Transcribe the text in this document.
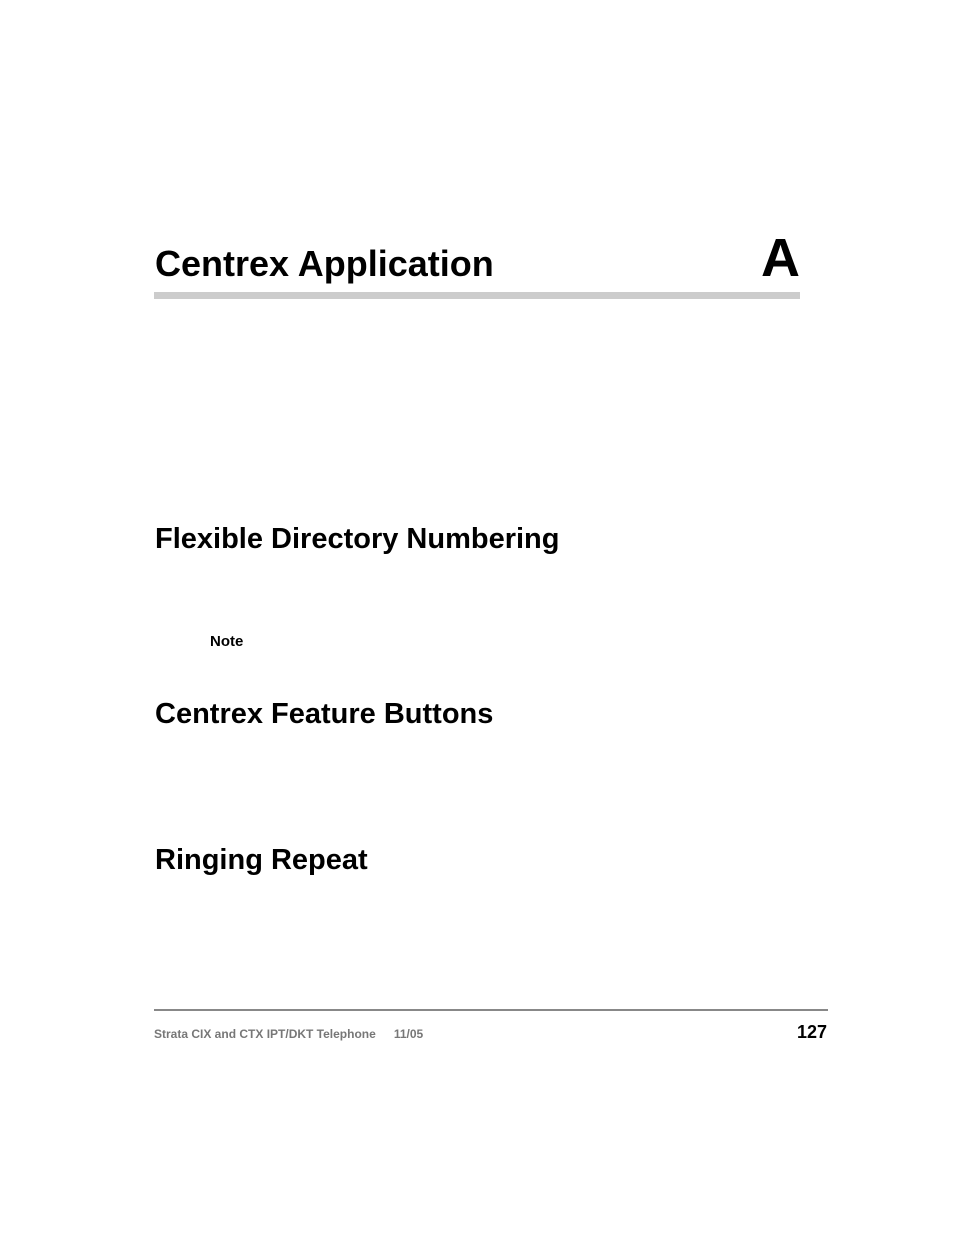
Centrex Application	A
Flexible Directory Numbering
Note
Centrex Feature Buttons
Ringing Repeat
Strata CIX and CTX IPT/DKT Telephone 11/05	127
